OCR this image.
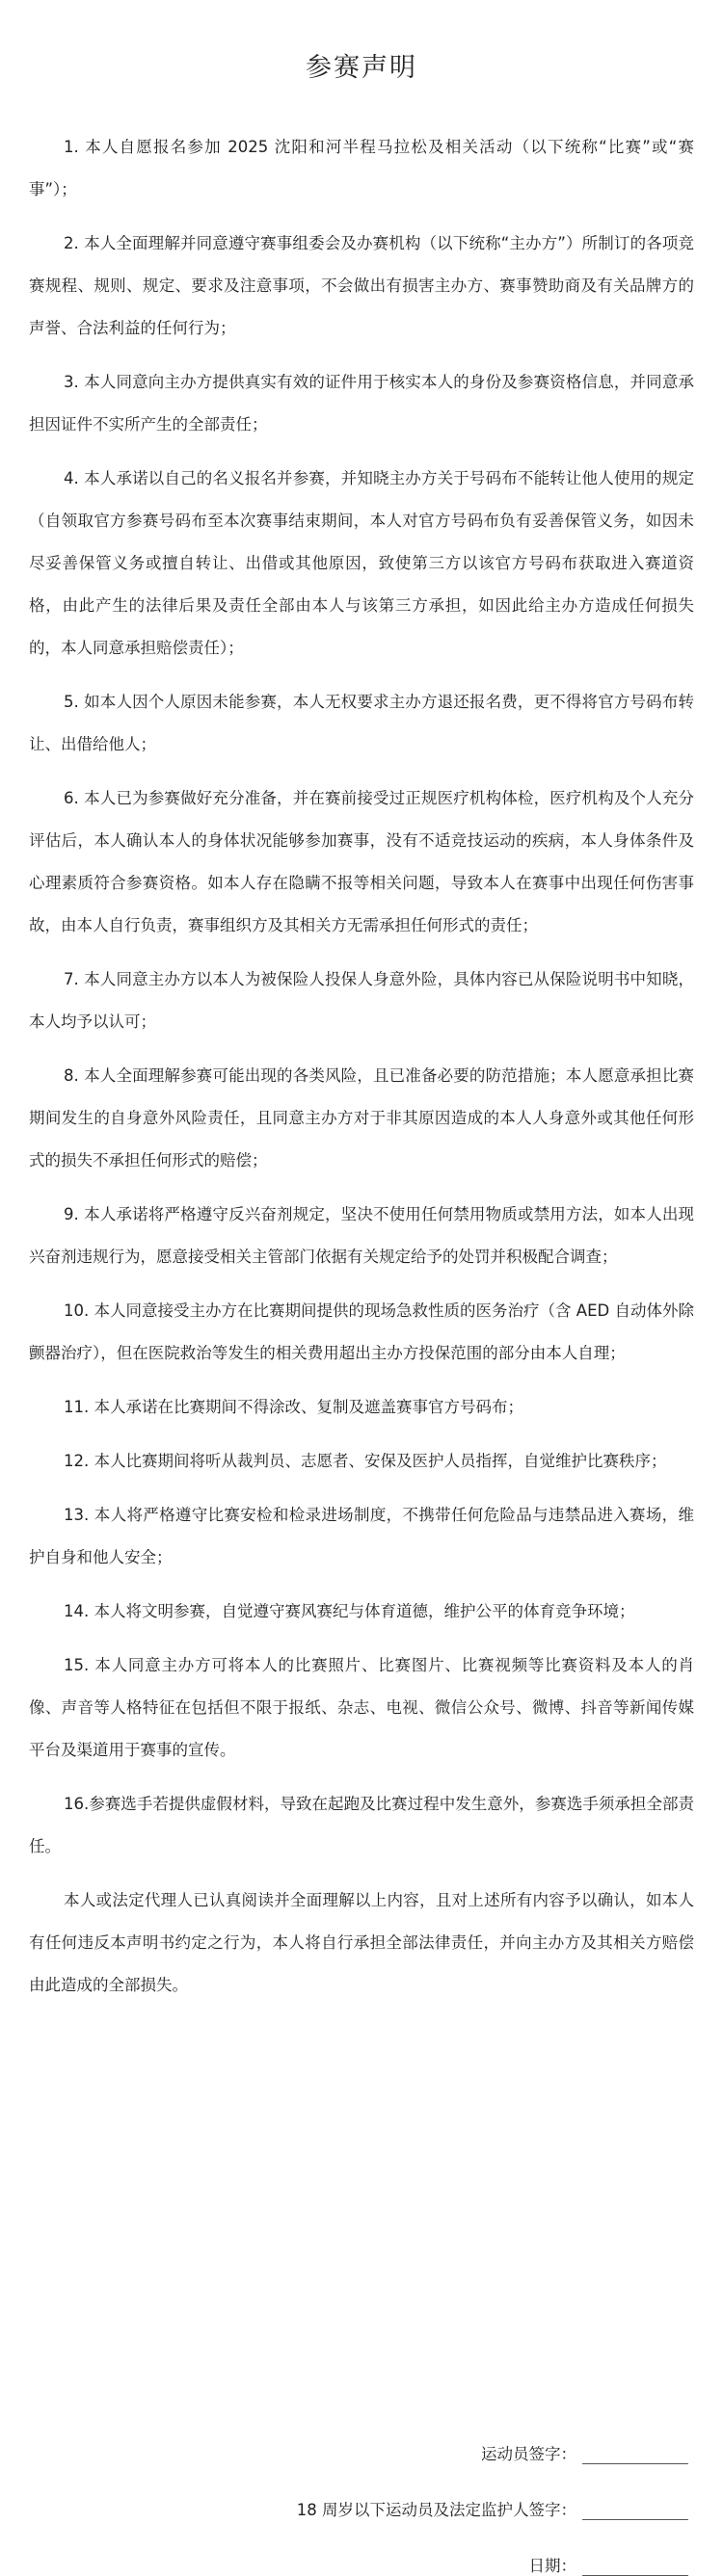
参赛声明

1. 本人自愿报名参加 2025 沈阳和河半程马拉松及相关活动（以下统称“比赛”或“赛事”）；

2. 本人全面理解并同意遵守赛事组委会及办赛机构（以下统称“主办方”）所制订的各项竞赛规程、规则、规定、要求及注意事项，不会做出有损害主办方、赛事赞助商及有关品牌方的声誉、合法利益的任何行为；

3. 本人同意向主办方提供真实有效的证件用于核实本人的身份及参赛资格信息，并同意承担因证件不实所产生的全部责任；

4. 本人承诺以自己的名义报名并参赛，并知晓主办方关于号码布不能转让他人使用的规定（自领取官方参赛号码布至本次赛事结束期间，本人对官方号码布负有妥善保管义务，如因未尽妥善保管义务或擅自转让、出借或其他原因，致使第三方以该官方号码布获取进入赛道资格，由此产生的法律后果及责任全部由本人与该第三方承担，如因此给主办方造成任何损失的，本人同意承担赔偿责任）；

5. 如本人因个人原因未能参赛，本人无权要求主办方退还报名费，更不得将官方号码布转让、出借给他人；

6. 本人已为参赛做好充分准备，并在赛前接受过正规医疗机构体检，医疗机构及个人充分评估后，本人确认本人的身体状况能够参加赛事，没有不适竞技运动的疾病，本人身体条件及心理素质符合参赛资格。如本人存在隐瞒不报等相关问题，导致本人在赛事中出现任何伤害事故，由本人自行负责，赛事组织方及其相关方无需承担任何形式的责任；

7. 本人同意主办方以本人为被保险人投保人身意外险，具体内容已从保险说明书中知晓，本人均予以认可；

8. 本人全面理解参赛可能出现的各类风险，且已准备必要的防范措施；本人愿意承担比赛期间发生的自身意外风险责任，且同意主办方对于非其原因造成的本人人身意外或其他任何形式的损失不承担任何形式的赔偿；

9. 本人承诺将严格遵守反兴奋剂规定，坚决不使用任何禁用物质或禁用方法，如本人出现兴奋剂违规行为，愿意接受相关主管部门依据有关规定给予的处罚并积极配合调查；

10. 本人同意接受主办方在比赛期间提供的现场急救性质的医务治疗（含 AED 自动体外除颤器治疗），但在医院救治等发生的相关费用超出主办方投保范围的部分由本人自理；

11. 本人承诺在比赛期间不得涂改、复制及遮盖赛事官方号码布；

12. 本人比赛期间将听从裁判员、志愿者、安保及医护人员指挥，自觉维护比赛秩序；

13. 本人将严格遵守比赛安检和检录进场制度，不携带任何危险品与违禁品进入赛场，维护自身和他人安全；

14. 本人将文明参赛，自觉遵守赛风赛纪与体育道德，维护公平的体育竞争环境；

15. 本人同意主办方可将本人的比赛照片、比赛图片、比赛视频等比赛资料及本人的肖像、声音等人格特征在包括但不限于报纸、杂志、电视、微信公众号、微博、抖音等新闻传媒平台及渠道用于赛事的宣传。

16.参赛选手若提供虚假材料，导致在起跑及比赛过程中发生意外，参赛选手须承担全部责任。

本人或法定代理人已认真阅读并全面理解以上内容，且对上述所有内容予以确认，如本人有任何违反本声明书约定之行为，本人将自行承担全部法律责任，并向主办方及其相关方赔偿由此造成的全部损失。

运动员签字：
18 周岁以下运动员及法定监护人签字：
日期：
